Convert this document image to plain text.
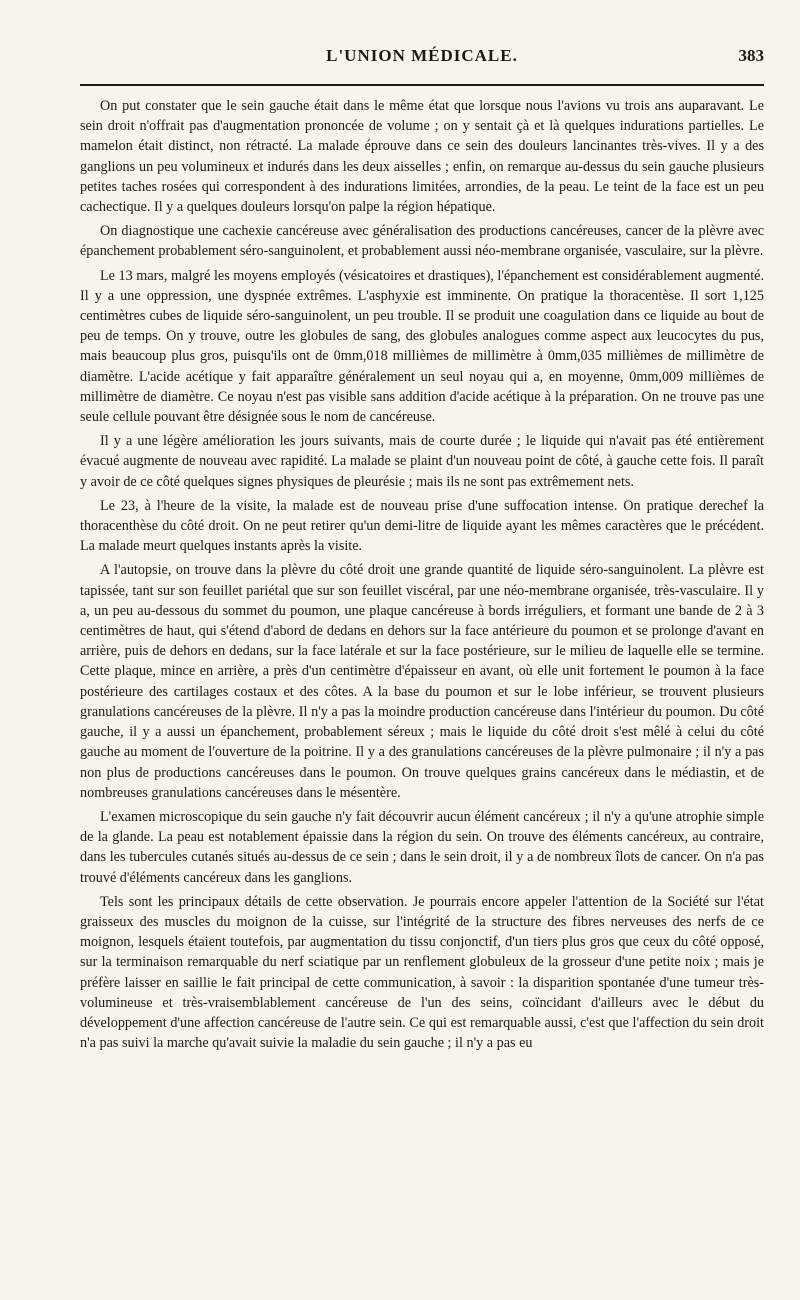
L'UNION MÉDICALE.	383

On put constater que le sein gauche était dans le même état que lorsque nous l'avions vu trois ans auparavant. Le sein droit n'offrait pas d'augmentation prononcée de volume ; on y sentait çà et là quelques indurations partielles. Le mamelon était distinct, non rétracté. La malade éprouve dans ce sein des douleurs lancinantes très-vives. Il y a des ganglions un peu volumineux et indurés dans les deux aisselles ; enfin, on remarque au-dessus du sein gauche plusieurs petites taches rosées qui correspondent à des indurations limitées, arrondies, de la peau. Le teint de la face est un peu cachectique. Il y a quelques douleurs lorsqu'on palpe la région hépatique.

On diagnostique une cachexie cancéreuse avec généralisation des productions cancéreuses, cancer de la plèvre avec épanchement probablement séro-sanguinolent, et probablement aussi néo-membrane organisée, vasculaire, sur la plèvre.

Le 13 mars, malgré les moyens employés (vésicatoires et drastiques), l'épanchement est considérablement augmenté. Il y a une oppression, une dyspnée extrêmes. L'asphyxie est imminente. On pratique la thoracentèse. Il sort 1,125 centimètres cubes de liquide séro-sanguinolent, un peu trouble. Il se produit une coagulation dans ce liquide au bout de peu de temps. On y trouve, outre les globules de sang, des globules analogues comme aspect aux leucocytes du pus, mais beaucoup plus gros, puisqu'ils ont de 0mm,018 millièmes de millimètre à 0mm,035 millièmes de millimètre de diamètre. L'acide acétique y fait apparaître généralement un seul noyau qui a, en moyenne, 0mm,009 millièmes de millimètre de diamètre. Ce noyau n'est pas visible sans addition d'acide acétique à la préparation. On ne trouve pas une seule cellule pouvant être désignée sous le nom de cancéreuse.

Il y a une légère amélioration les jours suivants, mais de courte durée ; le liquide qui n'avait pas été entièrement évacué augmente de nouveau avec rapidité. La malade se plaint d'un nouveau point de côté, à gauche cette fois. Il paraît y avoir de ce côté quelques signes physiques de pleurésie ; mais ils ne sont pas extrêmement nets.

Le 23, à l'heure de la visite, la malade est de nouveau prise d'une suffocation intense. On pratique derechef la thoracenthèse du côté droit. On ne peut retirer qu'un demi-litre de liquide ayant les mêmes caractères que le précédent. La malade meurt quelques instants après la visite.

A l'autopsie, on trouve dans la plèvre du côté droit une grande quantité de liquide séro-sanguinolent. La plèvre est tapissée, tant sur son feuillet pariétal que sur son feuillet viscéral, par une néo-membrane organisée, très-vasculaire. Il y a, un peu au-dessous du sommet du poumon, une plaque cancéreuse à bords irréguliers, et formant une bande de 2 à 3 centimètres de haut, qui s'étend d'abord de dedans en dehors sur la face antérieure du poumon et se prolonge d'avant en arrière, puis de dehors en dedans, sur la face latérale et sur la face postérieure, sur le milieu de laquelle elle se termine. Cette plaque, mince en arrière, a près d'un centimètre d'épaisseur en avant, où elle unit fortement le poumon à la face postérieure des cartilages costaux et des côtes. A la base du poumon et sur le lobe inférieur, se trouvent plusieurs granulations cancéreuses de la plèvre. Il n'y a pas la moindre production cancéreuse dans l'intérieur du poumon. Du côté gauche, il y a aussi un épanchement, probablement séreux ; mais le liquide du côté droit s'est mêlé à celui du côté gauche au moment de l'ouverture de la poitrine. Il y a des granulations cancéreuses de la plèvre pulmonaire ; il n'y a pas non plus de productions cancéreuses dans le poumon. On trouve quelques grains cancéreux dans le médiastin, et de nombreuses granulations cancéreuses dans le mésentère.

L'examen microscopique du sein gauche n'y fait découvrir aucun élément cancéreux ; il n'y a qu'une atrophie simple de la glande. La peau est notablement épaissie dans la région du sein. On trouve des éléments cancéreux, au contraire, dans les tubercules cutanés situés au-dessus de ce sein ; dans le sein droit, il y a de nombreux îlots de cancer. On n'a pas trouvé d'éléments cancéreux dans les ganglions.

Tels sont les principaux détails de cette observation. Je pourrais encore appeler l'attention de la Société sur l'état graisseux des muscles du moignon de la cuisse, sur l'intégrité de la structure des fibres nerveuses des nerfs de ce moignon, lesquels étaient toutefois, par augmentation du tissu conjonctif, d'un tiers plus gros que ceux du côté opposé, sur la terminaison remarquable du nerf sciatique par un renflement globuleux de la grosseur d'une petite noix ; mais je préfère laisser en saillie le fait principal de cette communication, à savoir : la disparition spontanée d'une tumeur très-volumineuse et très-vraisemblablement cancéreuse de l'un des seins, coïncidant d'ailleurs avec le début du développement d'une affection cancéreuse de l'autre sein. Ce qui est remarquable aussi, c'est que l'affection du sein droit n'a pas suivi la marche qu'avait suivie la maladie du sein gauche ; il n'y a pas eu
